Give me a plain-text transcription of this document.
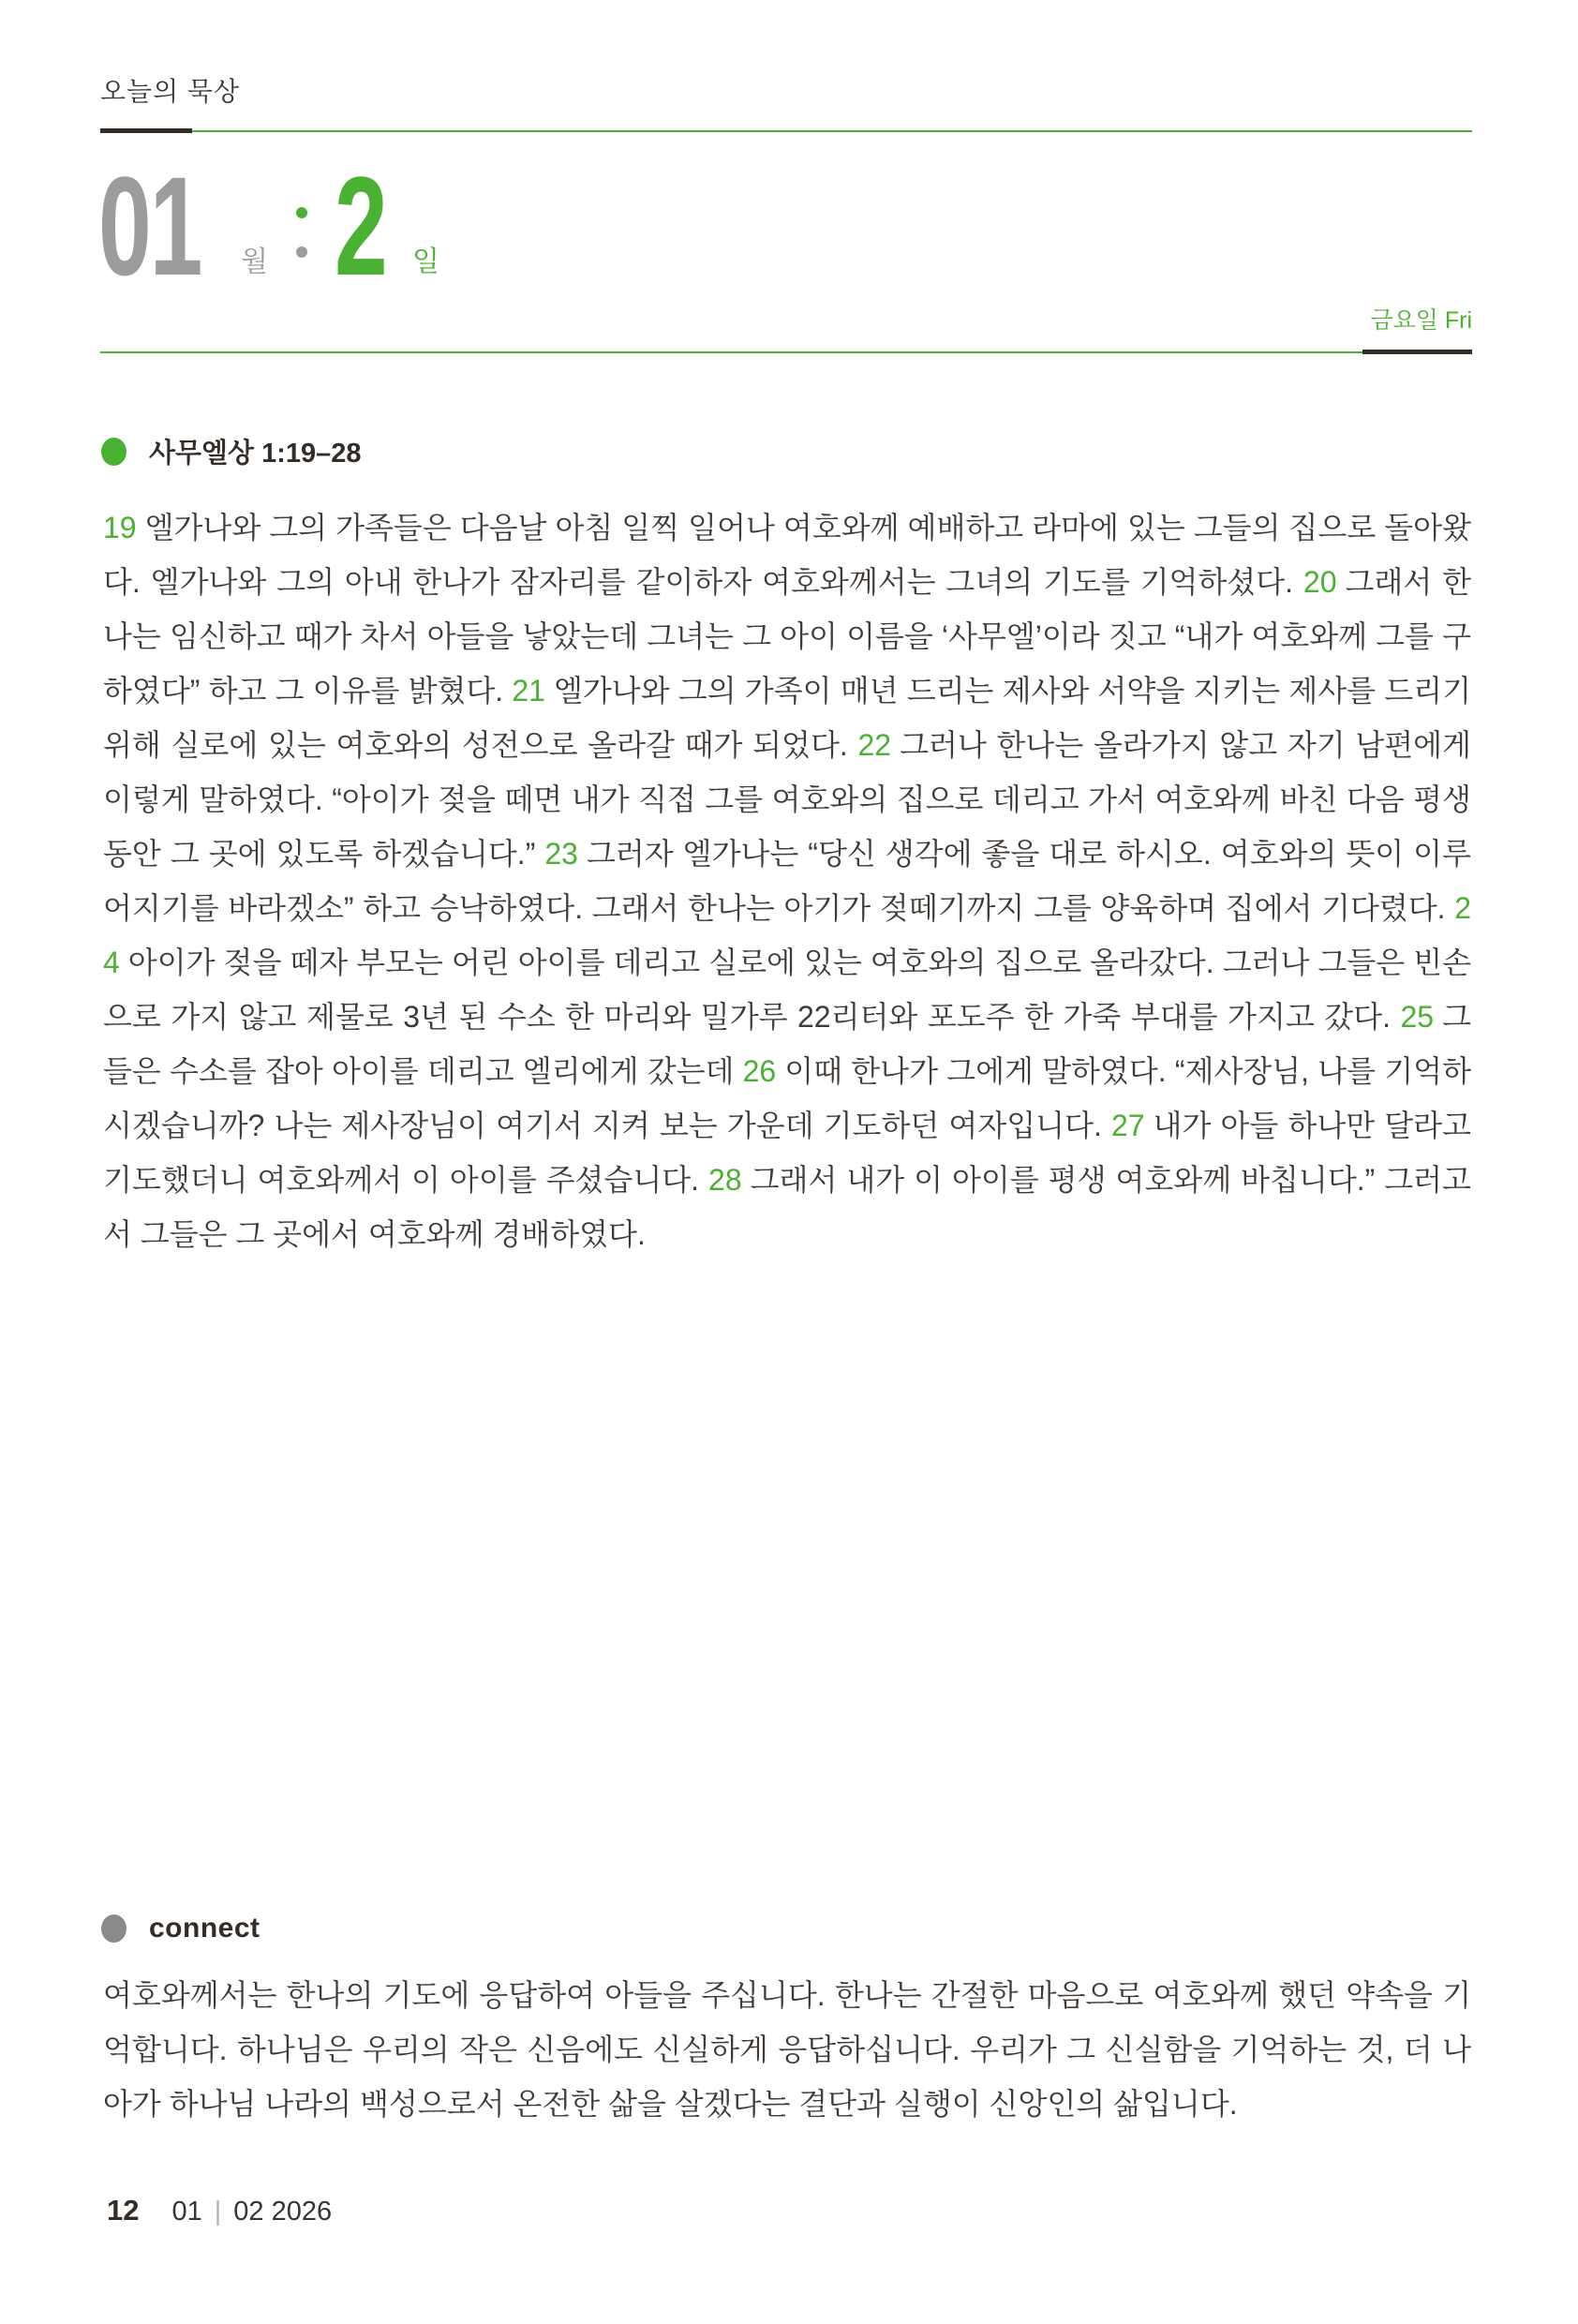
오늘의 묵상
01	월 2 일
금요일 Fri
사무엘상 1:19–28
19 엘가나와 그의 가족들은 다음날 아침 일찍 일어나 여호와께 예배하고 라마에 있는 그들의 집으로 돌아왔다. 엘가나와 그의 아내 한나가 잠자리를 같이하자 여호와께서는 그녀의 기도를 기억하셨다. 20 그래서 한나는 임신하고 때가 차서 아들을 낳았는데 그녀는 그 아이 이름을 ‘사무엘’이라 짓고 “내가 여호와께 그를 구하였다” 하고 그 이유를 밝혔다. 21 엘가나와 그의 가족이 매년 드리는 제사와 서약을 지키는 제사를 드리기 위해 실로에 있는 여호와의 성전으로 올라갈 때가 되었다. 22 그러나 한나는 올라가지 않고 자기 남편에게 이렇게 말하였다. “아이가 젖을 떼면 내가 직접 그를 여호와의 집으로 데리고 가서 여호와께 바친 다음 평생 동안 그 곳에 있도록 하겠습니다.” 23 그러자 엘가나는 “당신 생각에 좋을 대로 하시오. 여호와의 뜻이 이루어지기를 바라겠소” 하고 승낙하였다. 그래서 한나는 아기가 젖떼기까지 그를 양육하며 집에서 기다렸다. 24 아이가 젖을 떼자 부모는 어린 아이를 데리고 실로에 있는 여호와의 집으로 올라갔다. 그러나 그들은 빈손으로 가지 않고 제물로 3년 된 수소 한 마리와 밀가루 22리터와 포도주 한 가죽 부대를 가지고 갔다. 25 그들은 수소를 잡아 아이를 데리고 엘리에게 갔는데 26 이때 한나가 그에게 말하였다. “제사장님, 나를 기억하시겠습니까? 나는 제사장님이 여기서 지켜 보는 가운데 기도하던 여자입니다. 27 내가 아들 하나만 달라고 기도했더니 여호와께서 이 아이를 주셨습니다. 28 그래서 내가 이 아이를 평생 여호와께 바칩니다.” 그러고서 그들은 그 곳에서 여호와께 경배하였다.
connect
여호와께서는 한나의 기도에 응답하여 아들을 주십니다. 한나는 간절한 마음으로 여호와께 했던 약속을 기억합니다. 하나님은 우리의 작은 신음에도 신실하게 응답하십니다. 우리가 그 신실함을 기억하는 것, 더 나아가 하나님 나라의 백성으로서 온전한 삶을 살겠다는 결단과 실행이 신앙인의 삶입니다.
12 01 | 02 2026
